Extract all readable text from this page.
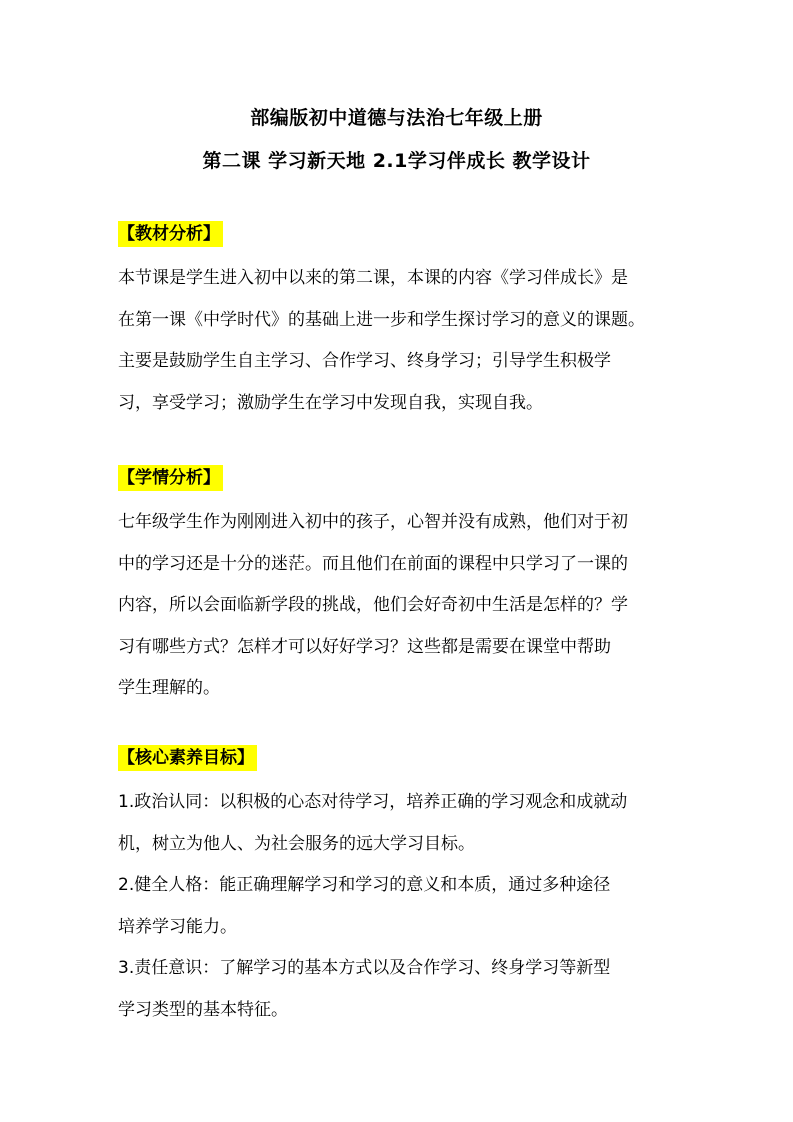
部编版初中道德与法治七年级上册
第二课 学习新天地 2.1学习伴成长 教学设计
【教材分析】
本节课是学生进入初中以来的第二课，本课的内容《学习伴成长》是
在第一课《中学时代》的基础上进一步和学生探讨学习的意义的课题。
主要是鼓励学生自主学习、合作学习、终身学习；引导学生积极学
习，享受学习；激励学生在学习中发现自我，实现自我。
【学情分析】
七年级学生作为刚刚进入初中的孩子，心智并没有成熟，他们对于初
中的学习还是十分的迷茫。而且他们在前面的课程中只学习了一课的
内容，所以会面临新学段的挑战，他们会好奇初中生活是怎样的？学
习有哪些方式？怎样才可以好好学习？这些都是需要在课堂中帮助
学生理解的。
【核心素养目标】
1.政治认同：以积极的心态对待学习，培养正确的学习观念和成就动
机，树立为他人、为社会服务的远大学习目标。
2.健全人格：能正确理解学习和学习的意义和本质，通过多种途径
培养学习能力。
3.责任意识：了解学习的基本方式以及合作学习、终身学习等新型
学习类型的基本特征。
